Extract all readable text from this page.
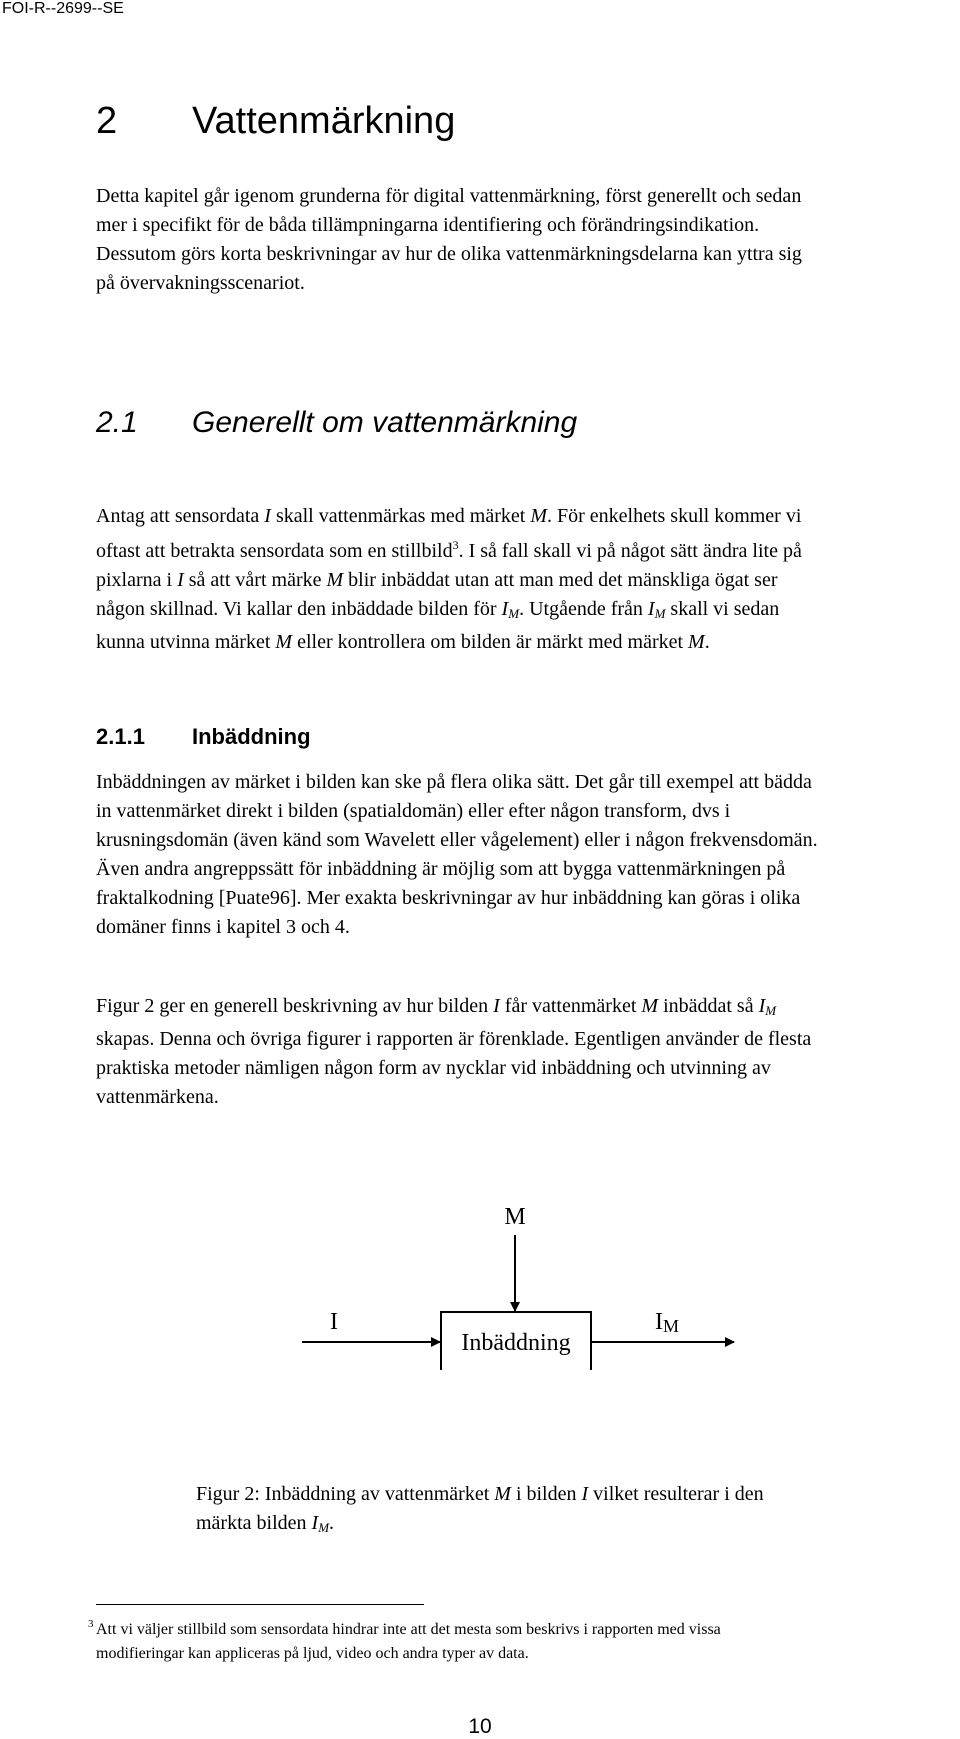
FOI-R--2699--SE
2 Vattenmärkning

Detta kapitel går igenom grunderna för digital vattenmärkning, först generellt och sedan

mer i specifikt för de båda tillämpningarna identifiering och förändringsindikation.

Dessutom görs korta beskrivningar av hur de olika vattenmärkningsdelarna kan yttra sig

på övervakningsscenariot.

2.1 Generellt om vattenmärkning

Antag att sensordata I skall vattenmärkas med märket M. För enkelhets skull kommer vi

oftast att betrakta sensordata som en stillbild$^3$. I så fall skall vi på något sätt ändra lite på

pixlarna i I så att vårt märke M blir inbäddat utan att man med det mänskliga ögat ser

någon skillnad. Vi kallar den inbäddade bilden för $I_M$. Utgående från $I_M$ skall vi sedan

kunna utvinna märket M eller kontrollera om bilden är märkt med märket M.

2.1.1 Inbäddning

Inbäddningen av märket i bilden kan ske på flera olika sätt. Det går till exempel att bädda

in vattenmärket direkt i bilden (spatialdomän) eller efter någon transform, dvs i

krusningsdomän (även känd som Wavelett eller vågelement) eller i någon frekvensdomän.

Även andra angreppssätt för inbäddning är möjlig som att bygga vattenmärkningen på

fraktalkodning [Puate96]. Mer exakta beskrivningar av hur inbäddning kan göras i olika

domäner finns i kapitel 3 och 4.

Figur 2 ger en generell beskrivning av hur bilden I får vattenmärket M inbäddat så $I_M$

skapas. Denna och övriga figurer i rapporten är förenklade. Egentligen använder de flesta

praktiska metoder nämligen någon form av nycklar vid inbäddning och utvinning av

vattenmärkena.

M
I
Inbäddning
IM
Figur 2: Inbäddning av vattenmärket M i bilden I vilket resulterar i den
märkta bilden $I_M$.
3 Att vi väljer stillbild som sensordata hindrar inte att det mesta som beskrivs i rapporten med vissa
modifieringar kan appliceras på ljud, video och andra typer av data.
10
